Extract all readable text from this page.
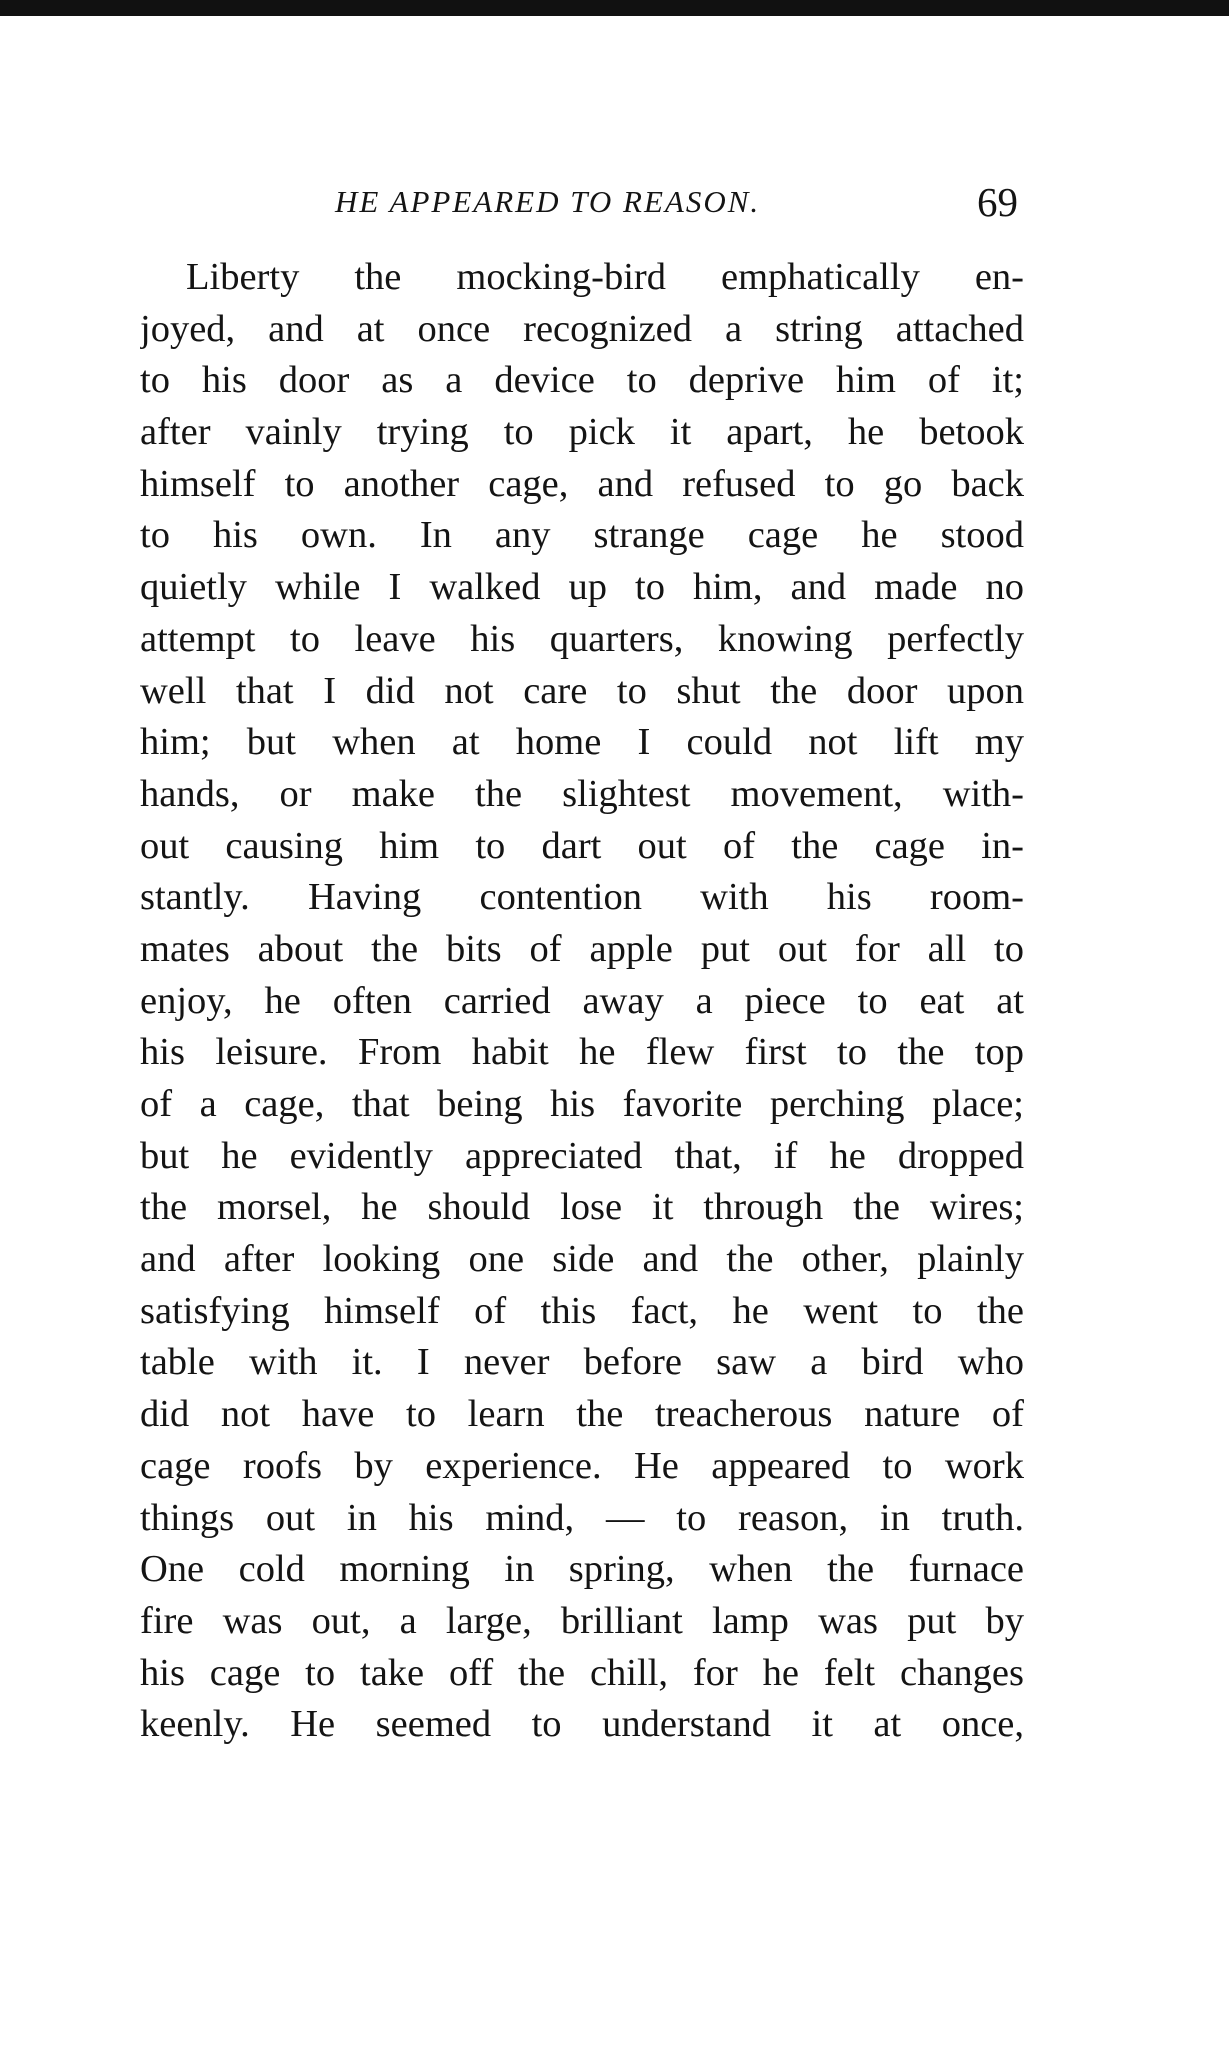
HE APPEARED TO REASON.	69
Liberty the mocking-bird emphatically en-
joyed, and at once recognized a string attached
to his door as a device to deprive him of it;
after vainly trying to pick it apart, he betook
himself to another cage, and refused to go back
to his own. In any strange cage he stood
quietly while I walked up to him, and made no
attempt to leave his quarters, knowing perfectly
well that I did not care to shut the door upon
him; but when at home I could not lift my
hands, or make the slightest movement, with-
out causing him to dart out of the cage in-
stantly. Having contention with his room-
mates about the bits of apple put out for all to
enjoy, he often carried away a piece to eat at
his leisure. From habit he flew first to the top
of a cage, that being his favorite perching place;
but he evidently appreciated that, if he dropped
the morsel, he should lose it through the wires;
and after looking one side and the other, plainly
satisfying himself of this fact, he went to the
table with it. I never before saw a bird who
did not have to learn the treacherous nature of
cage roofs by experience. He appeared to work
things out in his mind, — to reason, in truth.
One cold morning in spring, when the furnace
fire was out, a large, brilliant lamp was put by
his cage to take off the chill, for he felt changes
keenly. He seemed to understand it at once,
